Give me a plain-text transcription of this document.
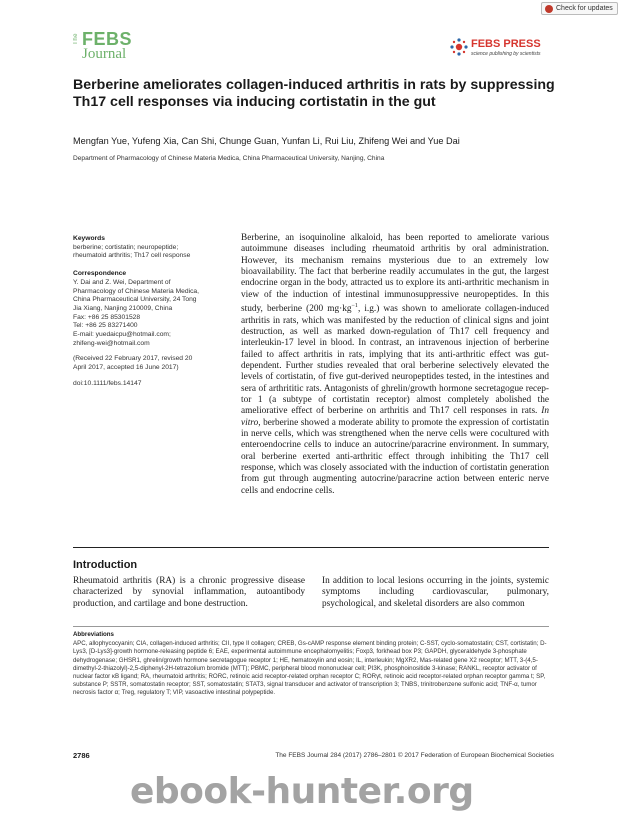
Check for updates
The FEBS
Journal
FEBS PRESS
science publishing by scientists
Berberine ameliorates collagen-induced arthritis in rats by suppressing Th17 cell responses via inducing cortistatin in the gut
Mengfan Yue, Yufeng Xia, Can Shi, Chunge Guan, Yunfan Li, Rui Liu, Zhifeng Wei and Yue Dai
Department of Pharmacology of Chinese Materia Medica, China Pharmaceutical University, Nanjing, China
Keywords
berberine; cortistatin; neuropeptide;
rheumatoid arthritis; Th17 cell response
Correspondence
Y. Dai and Z. Wei, Department of
Pharmacology of Chinese Materia Medica,
China Pharmaceutical University, 24 Tong
Jia Xiang, Nanjing 210009, China
Fax: +86 25 85301528
Tel: +86 25 83271400
E-mail: yuedaicpu@hotmail.com;
zhifeng-wei@hotmail.com
(Received 22 February 2017, revised 20
April 2017, accepted 16 June 2017)
doi:10.1111/febs.14147
Berberine, an isoquinoline alkaloid, has been reported to ameliorate various autoimmune diseases including rheumatoid arthritis by oral administration. However, its mechanism remains mysterious due to an extremely low bioavailability. The fact that berberine readily accumulates in the gut, the largest endocrine organ in the body, attracted us to explore its anti-arthritic mechanism in view of the induction of intestinal immunosuppressive neuropeptides. In this study, berberine (200 $mg\cdot kg^{-1}$, i.g.) was shown to ameliorate collagen-induced arthritis in rats, which was manifested by the reduction of clinical signs and joint destruction, as well as marked down-regulation of Th17 cell frequency and interleukin-17 level in blood. In contrast, an intravenous injection of berberine failed to affect arthritis in rats, implying that its anti-arthritic effect was gut-dependent. Further studies revealed that oral berberine selectively elevated the levels of cortistatin, of five gut-derived neuropeptides tested, in the intestines and sera of arthrititic rats. Antagonists of ghrelin/growth hormone secretagogue receptor 1 (a subtype of cortistatin receptor) almost completely abolished the ameliorative effect of berberine on arthritis and Th17 cell responses in rats. In vitro, berberine showed a moderate ability to promote the expression of cortistatin in nerve cells, which was strengthened when the nerve cells were cocultured with enteroendocrine cells to induce an autocrine/paracrine environment. In summary, oral berberine exerted anti-arthritic effect through inhibiting the Th17 cell response, which was closely associated with the induction of cortistatin generation from gut through augmenting autocrine/paracrine action between enteric nerve cells and endocrine cells.
Introduction
Rheumatoid arthritis (RA) is a chronic progressive disease characterized by synovial inflammation, autoantibody production, and cartilage and bone destruction.
In addition to local lesions occurring in the joints, systemic symptoms including cardiovascular, pulmonary, psychological, and skeletal disorders are also common
Abbreviations
APC, allophycocyanin; CIA, collagen-induced arthritis; CII, type II collagen; CREB, Gs-cAMP response element binding protein; C-SST, cyclo-somatostatin; CST, cortistatin; D-Lys3, [D-Lys3]-growth hormone-releasing peptide 6; EAE, experimental autoimmune encephalomyelitis; Foxp3, forkhead box P3; GAPDH, glyceraldehyde 3-phosphate dehydrogenase; GHSR1, ghrelin/growth hormone secretagogue receptor 1; HE, hematoxylin and eosin; IL, interleukin; MgXR2, Mas-related gene X2 receptor; MTT, 3-(4,5-dimethyl-2-thiazolyl)-2,5-diphenyl-2H-tetrazolium bromide (MTT); PBMC, peripheral blood mononuclear cell; PI3K, phosphoinositide 3-kinase; RANKL, receptor activator of nuclear factor κB ligand; RA, rheumatoid arthritis; RORC, retinoic acid receptor-related orphan receptor C; RORγt, retinoic acid receptor-related orphan receptor gamma t; SP, substance P; SSTR, somatostatin receptor; SST, somatostatin; STAT3, signal transducer and activator of transcription 3; TNBS, trinitrobenzene sulfonic acid; TNF-α, tumor necrosis factor α; Treg, regulatory T; VIP, vasoactive intestinal polypeptide.
2786	The FEBS Journal 284 (2017) 2786–2801 © 2017 Federation of European Biochemical Societies
ebook-hunter.org
